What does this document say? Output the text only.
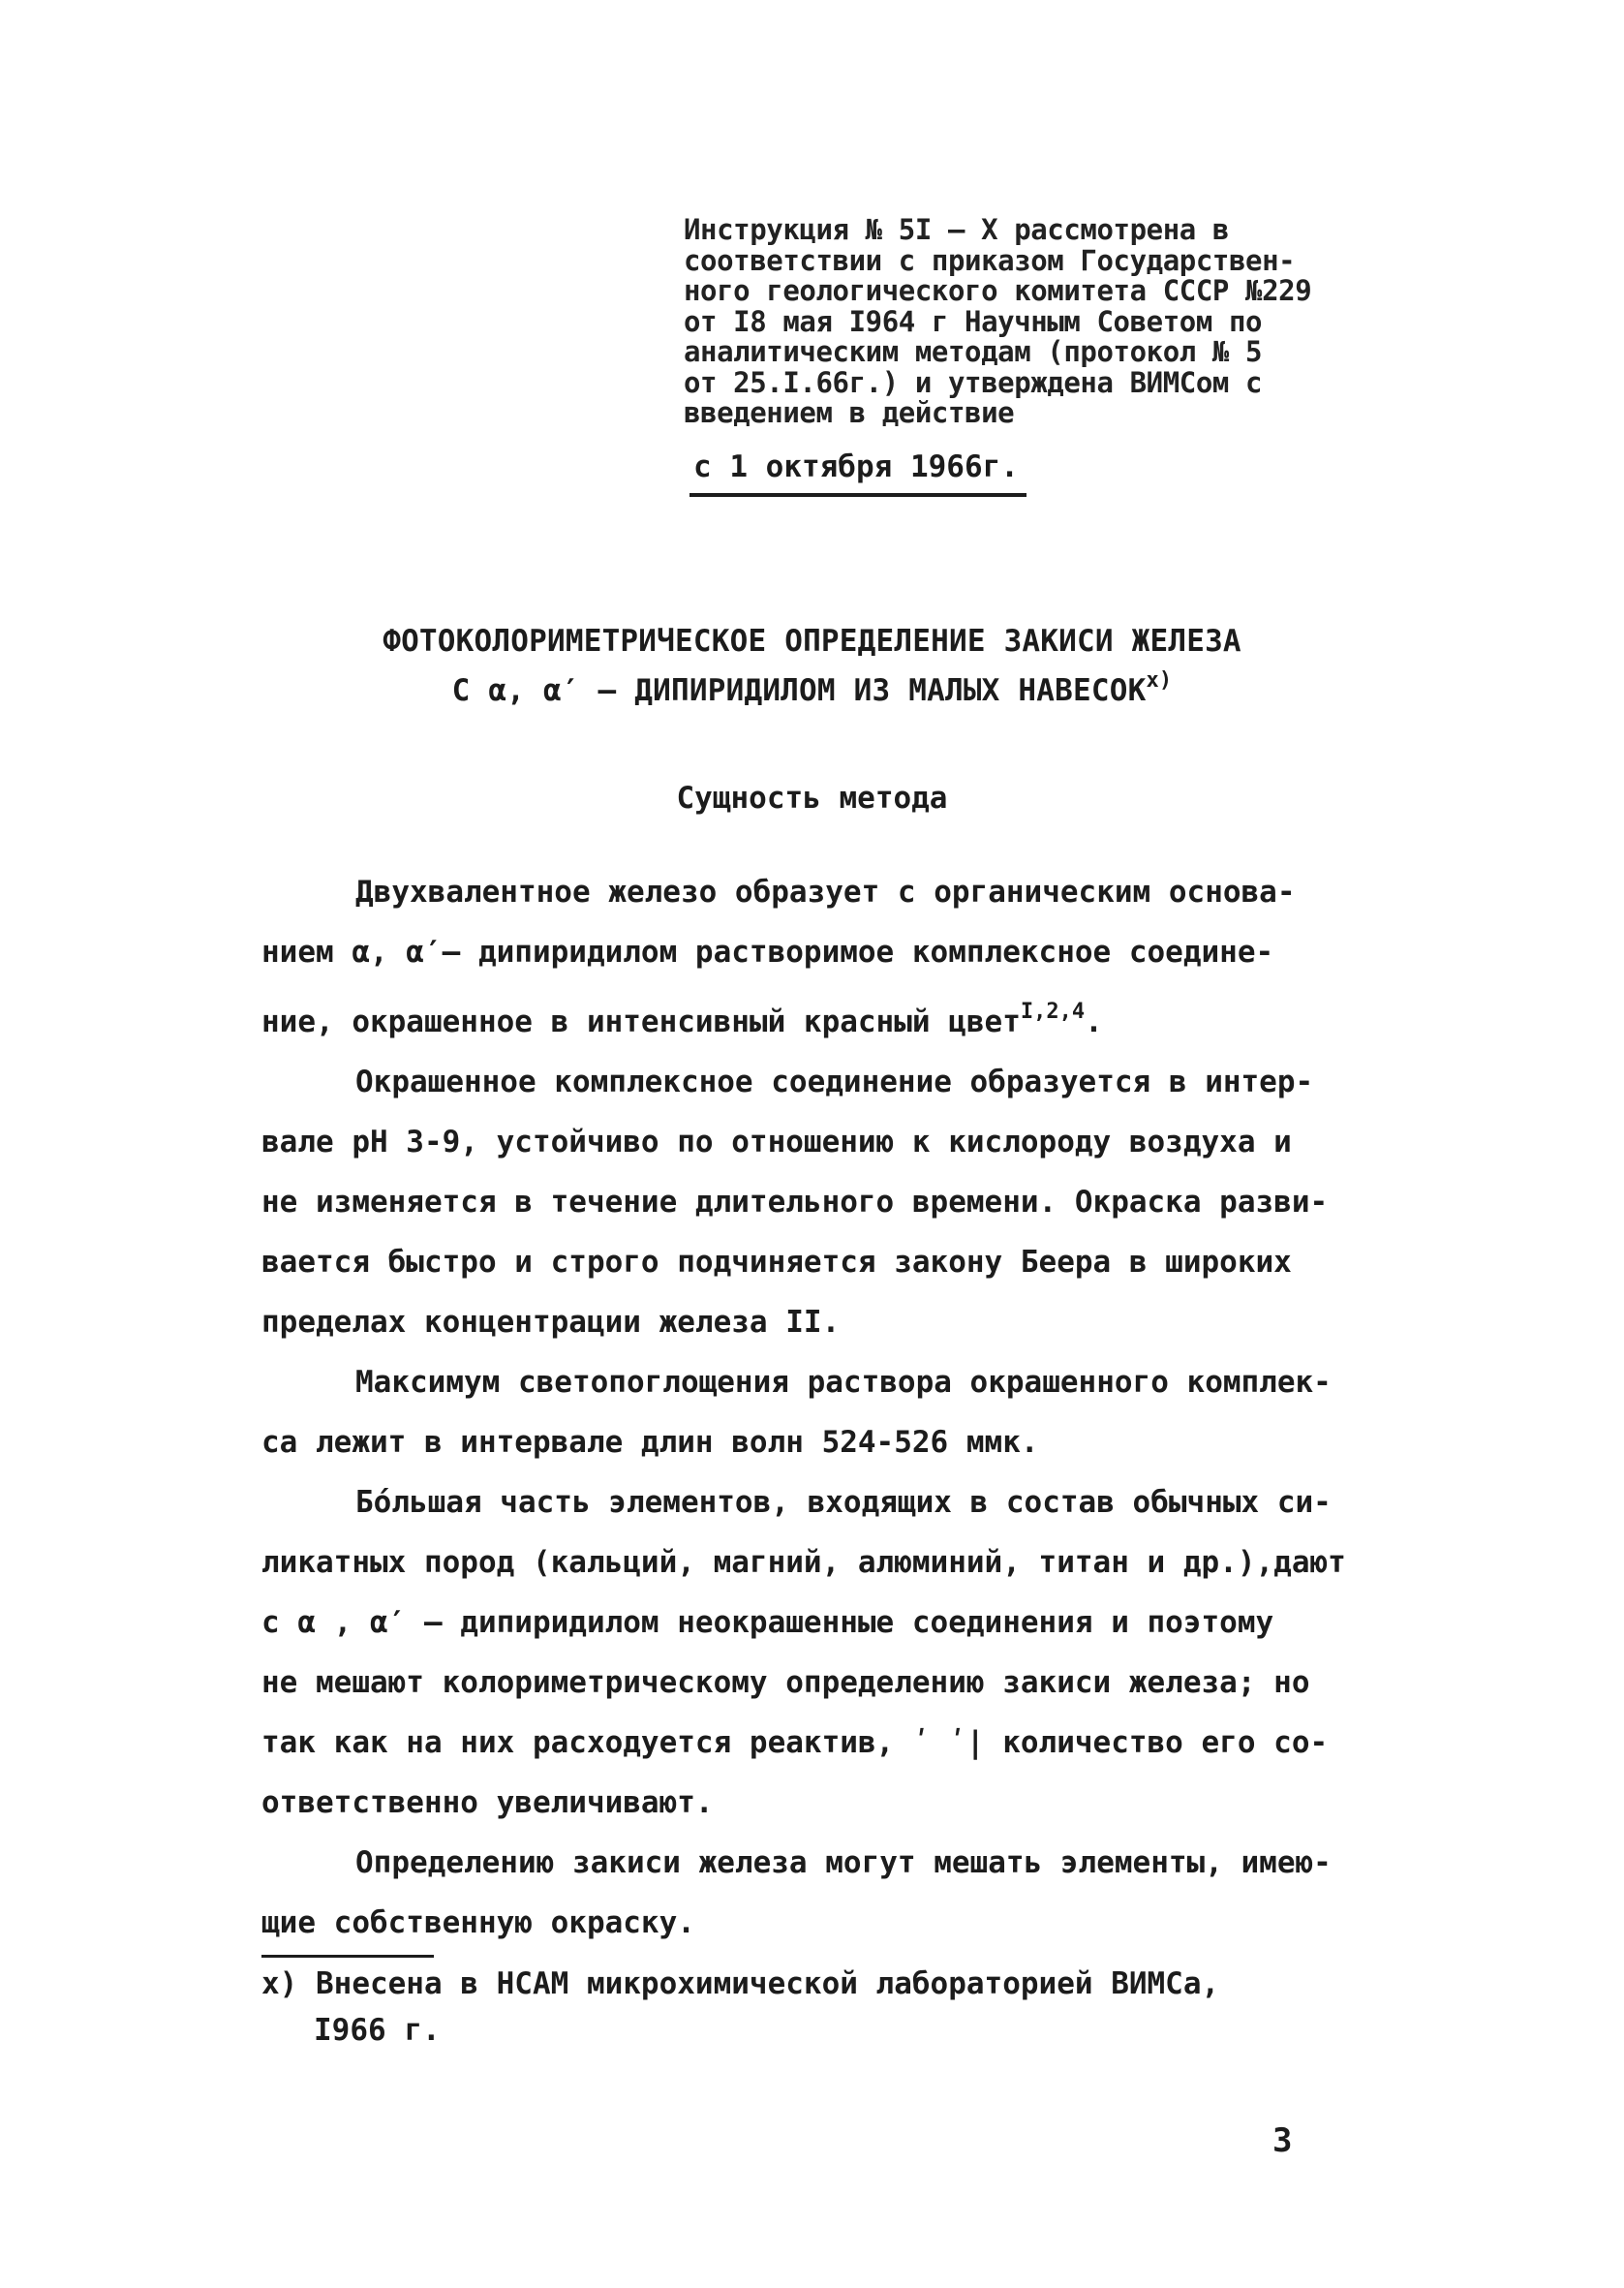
Инструкция № 5I – X рассмотрена в
соответствии с приказом Государствен-
ного геологического комитета СССР №229
от I8 мая I964 г Научным Советом по
аналитическим методам (протокол № 5
от 25.I.66г.) и утверждена ВИМСом с
введением в действие
с 1 октября 1966г.
ФОТОКОЛОРИМЕТРИЧЕСКОЕ ОПРЕДЕЛЕНИЕ ЗАКИСИ ЖЕЛЕЗА
С α, α′ – ДИПИРИДИЛОМ ИЗ МАЛЫХ НАВЕСОК$^{x)}$
Сущность метода
Двухвалентное железо образует с органическим основа-
нием α, α′– дипиридилом растворимое комплексное соедине-
ние, окрашенное в интенсивный красный цвет$^{I,2,4}$.
Окрашенное комплексное соединение образуется в интер-
вале pH 3-9, устойчиво по отношению к кислороду воздуха и
не изменяется в течение длительного времени. Окраска разви-
вается быстро и строго подчиняется закону Беера в широких
пределах концентрации железа II.
Максимум светопоглощения раствора окрашенного комплек-
са лежит в интервале длин волн 524-526 ммк.
Бóльшая часть элементов, входящих в состав обычных си-
ликатных пород (кальций, магний, алюминий, титан и др.),дают
с α , α′ – дипиридилом неокрашенные соединения и поэтому
не мешают колориметрическому определению закиси железа; но
так как на них расходуется реактив, ʹ ʹ| количество его со-
ответственно увеличивают.
Определению закиси железа могут мешать элементы, имею-
щие собственную окраску.
x) Внесена в НСАМ микрохимической лабораторией ВИМСа,
I966 г.
3
